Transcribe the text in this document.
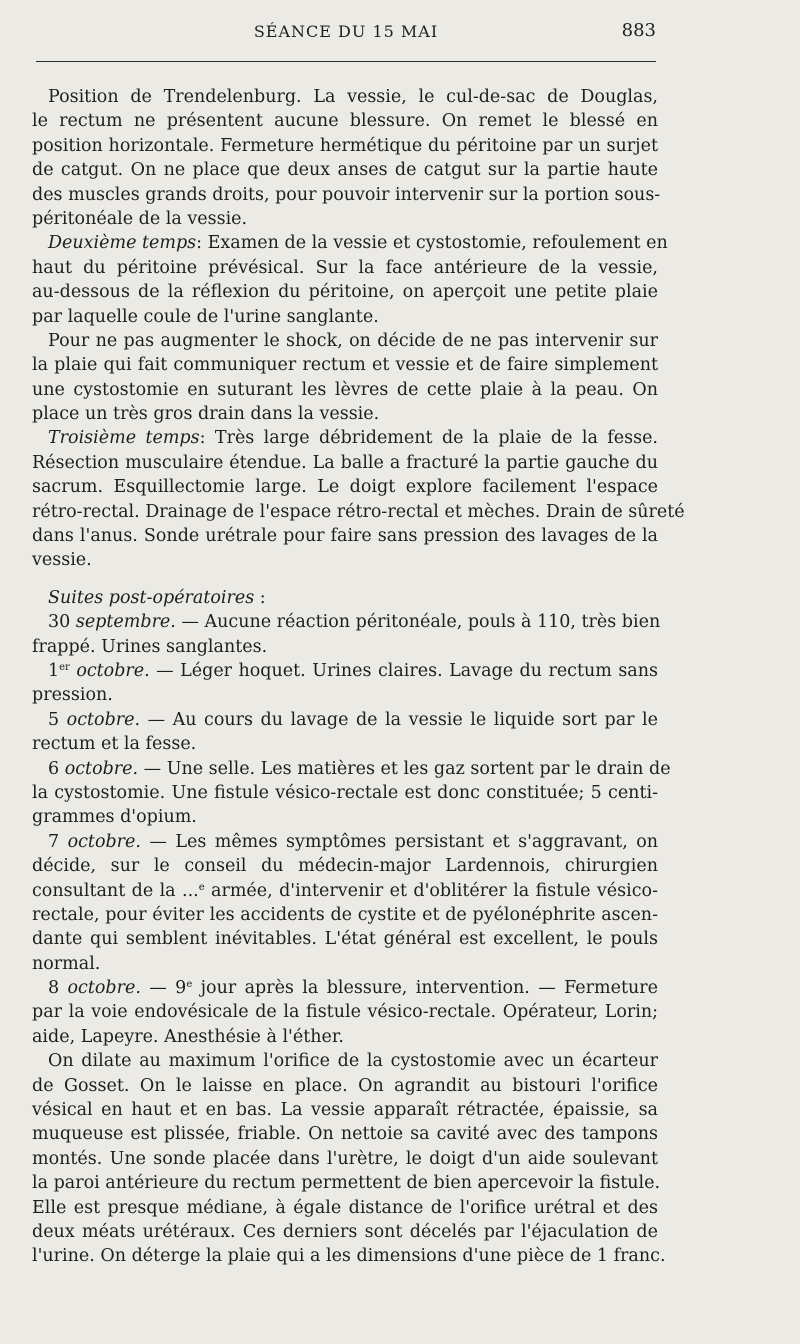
SÉANCE DU 15 MAI	883
Position de Trendelenburg. La vessie, le cul-de-sac de Douglas,
le rectum ne présentent aucune blessure. On remet le blessé en
position horizontale. Fermeture hermétique du péritoine par un surjet
de catgut. On ne place que deux anses de catgut sur la partie haute
des muscles grands droits, pour pouvoir intervenir sur la portion sous-
péritonéale de la vessie.
Deuxième temps: Examen de la vessie et cystostomie, refoulement en
haut du péritoine prévésical. Sur la face antérieure de la vessie,
au-dessous de la réflexion du péritoine, on aperçoit une petite plaie
par laquelle coule de l'urine sanglante.
Pour ne pas augmenter le shock, on décide de ne pas intervenir sur
la plaie qui fait communiquer rectum et vessie et de faire simplement
une cystostomie en suturant les lèvres de cette plaie à la peau. On
place un très gros drain dans la vessie.
Troisième temps: Très large débridement de la plaie de la fesse.
Résection musculaire étendue. La balle a fracturé la partie gauche du
sacrum. Esquillectomie large. Le doigt explore facilement l'espace
rétro-rectal. Drainage de l'espace rétro-rectal et mèches. Drain de sûreté
dans l'anus. Sonde urétrale pour faire sans pression des lavages de la
vessie.
Suites post-opératoires :
30 septembre. — Aucune réaction péritonéale, pouls à 110, très bien
frappé. Urines sanglantes.
1er octobre. — Léger hoquet. Urines claires. Lavage du rectum sans
pression.
5 octobre. — Au cours du lavage de la vessie le liquide sort par le
rectum et la fesse.
6 octobre. — Une selle. Les matières et les gaz sortent par le drain de
la cystostomie. Une fistule vésico-rectale est donc constituée; 5 centi-
grammes d'opium.
7 octobre. — Les mêmes symptômes persistant et s'aggravant, on
décide, sur le conseil du médecin-major Lardennois, chirurgien
consultant de la ...$^e$ armée, d'intervenir et d'oblitérer la fistule vésico-
rectale, pour éviter les accidents de cystite et de pyélonéphrite ascen-
dante qui semblent inévitables. L'état général est excellent, le pouls
normal.
8 octobre. — 9e jour après la blessure, intervention. — Fermeture
par la voie endovésicale de la fistule vésico-rectale. Opérateur, Lorin;
aide, Lapeyre. Anesthésie à l'éther.
On dilate au maximum l'orifice de la cystostomie avec un écarteur
de Gosset. On le laisse en place. On agrandit au bistouri l'orifice
vésical en haut et en bas. La vessie apparaît rétractée, épaissie, sa
muqueuse est plissée, friable. On nettoie sa cavité avec des tampons
montés. Une sonde placée dans l'urètre, le doigt d'un aide soulevant
la paroi antérieure du rectum permettent de bien apercevoir la fistule.
Elle est presque médiane, à égale distance de l'orifice urétral et des
deux méats urétéraux. Ces derniers sont décelés par l'éjaculation de
l'urine. On déterge la plaie qui a les dimensions d'une pièce de 1 franc.
